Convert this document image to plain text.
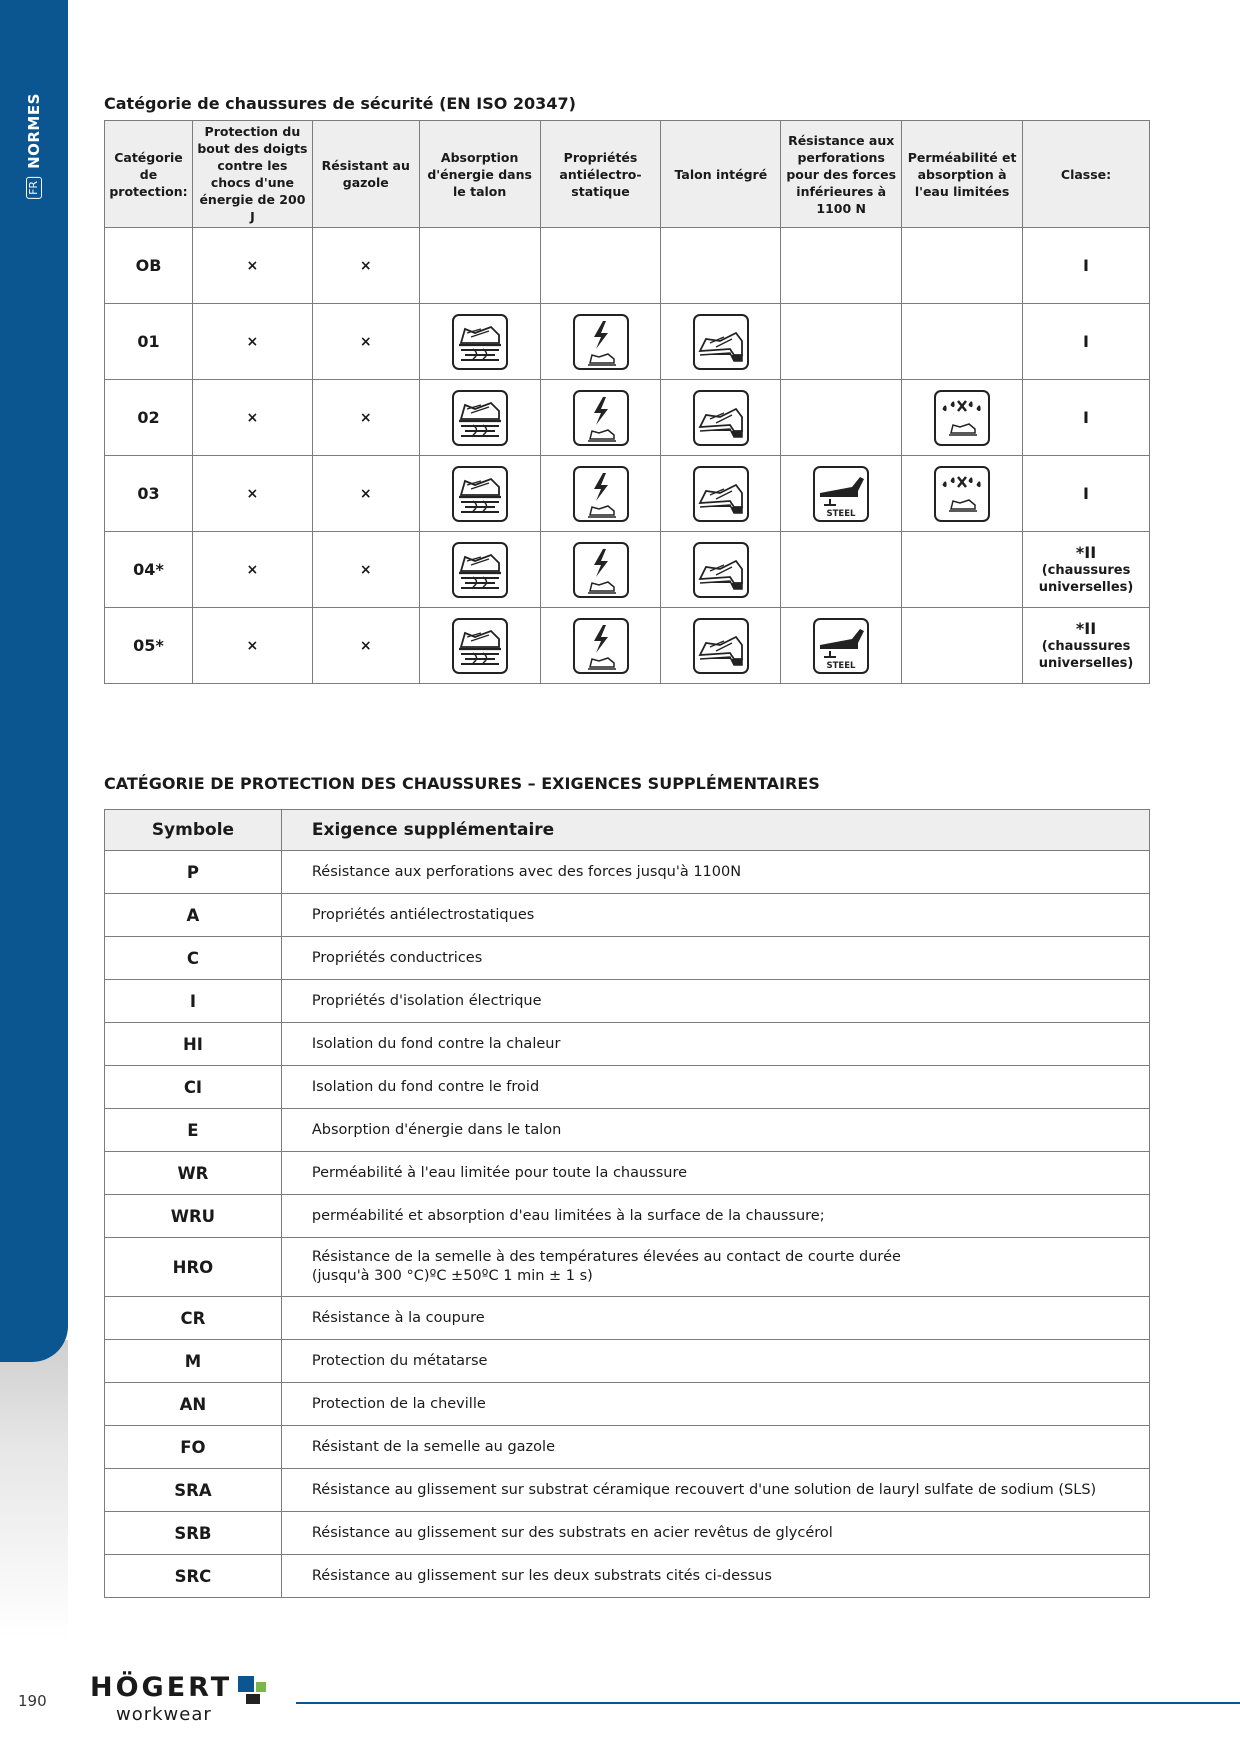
FR
NORMES	Catégorie de chaussures de sécurité (EN ISO 20347)
Catégorie de protection:	Protection du bout des doigts contre les chocs d'une énergie de 200 J	Résistant au gazole	Absorption d'énergie dans le talon	Propriétés antiélectro-statique	Talon intégré	Résistance aux perforations pour des forces inférieures à 1100 N	Perméabilité et absorption à l'eau limitées	Classe:
OB	×	×						I

01	×	×						I

02	×	×						I

03	×	×				STEEL		I

04*	×	×						*II
(chaussures universelles)

05*	×	×				STEEL		*II
(chaussures universelles)
CATÉGORIE DE PROTECTION DES CHAUSSURES – EXIGENCES SUPPLÉMENTAIRES
Symbole	Exigence supplémentaire
P	Résistance aux perforations avec des forces jusqu'à 1100N
A	Propriétés antiélectrostatiques
C	Propriétés conductrices
I	Propriétés d'isolation électrique
HI	Isolation du fond contre la chaleur
CI	Isolation du fond contre le froid
E	Absorption d'énergie dans le talon
WR	Perméabilité à l'eau limitée pour toute la chaussure
WRU	perméabilité et absorption d'eau limitées à la surface de la chaussure;
HRO	Résistance de la semelle à des températures élevées au contact de courte durée
(jusqu'à 300 °C)ºC ±50ºC 1 min ± 1 s)
CR	Résistance à la coupure
M	Protection du métatarse
AN	Protection de la cheville
FO	Résistant de la semelle au gazole
SRA	Résistance au glissement sur substrat céramique recouvert d'une solution de lauryl sulfate de sodium (SLS)
SRB	Résistance au glissement sur des substrats en acier revêtus de glycérol
SRC	Résistance au glissement sur les deux substrats cités ci-dessus
190 HÖGERT
workwear
